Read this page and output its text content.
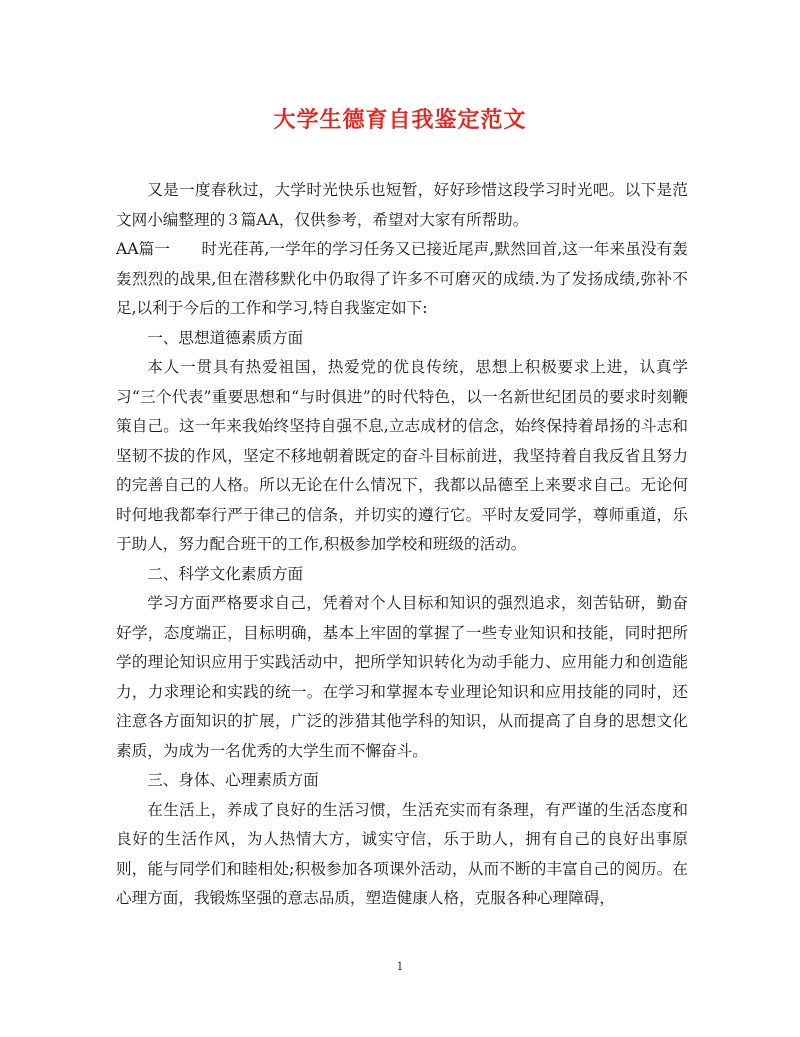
大学生德育自我鉴定范文

又是一度春秋过，大学时光快乐也短暂，好好珍惜这段学习时光吧。以下是范文网小编整理的３篇AA，仅供参考，希望对大家有所帮助。

AA篇一　　时光荏苒,一学年的学习任务又已接近尾声,默然回首,这一年来虽没有轰轰烈烈的战果,但在潜移默化中仍取得了许多不可磨灭的成绩.为了发扬成绩,弥补不足,以利于今后的工作和学习,特自我鉴定如下:

一、思想道德素质方面

本人一贯具有热爱祖国，热爱党的优良传统，思想上积极要求上进，认真学习“三个代表”重要思想和“与时俱进”的时代特色，以一名新世纪团员的要求时刻鞭策自己。这一年来我始终坚持自强不息,立志成材的信念，始终保持着昂扬的斗志和坚韧不拔的作风，坚定不移地朝着既定的奋斗目标前进，我坚持着自我反省且努力的完善自己的人格。所以无论在什么情况下，我都以品德至上来要求自己。无论何时何地我都奉行严于律己的信条，并切实的遵行它。平时友爱同学，尊师重道，乐于助人，努力配合班干的工作,积极参加学校和班级的活动。

二、科学文化素质方面

学习方面严格要求自己，凭着对个人目标和知识的强烈追求，刻苦钻研，勤奋好学，态度端正，目标明确，基本上牢固的掌握了一些专业知识和技能，同时把所学的理论知识应用于实践活动中，把所学知识转化为动手能力、应用能力和创造能力，力求理论和实践的统一。在学习和掌握本专业理论知识和应用技能的同时，还注意各方面知识的扩展，广泛的涉猎其他学科的知识，从而提高了自身的思想文化素质，为成为一名优秀的大学生而不懈奋斗。

三、身体、心理素质方面

在生活上，养成了良好的生活习惯，生活充实而有条理，有严谨的生活态度和良好的生活作风，为人热情大方，诚实守信，乐于助人，拥有自己的良好出事原则，能与同学们和睦相处;积极参加各项课外活动，从而不断的丰富自己的阅历。在心理方面，我锻炼坚强的意志品质，塑造健康人格，克服各种心理障碍，

1
